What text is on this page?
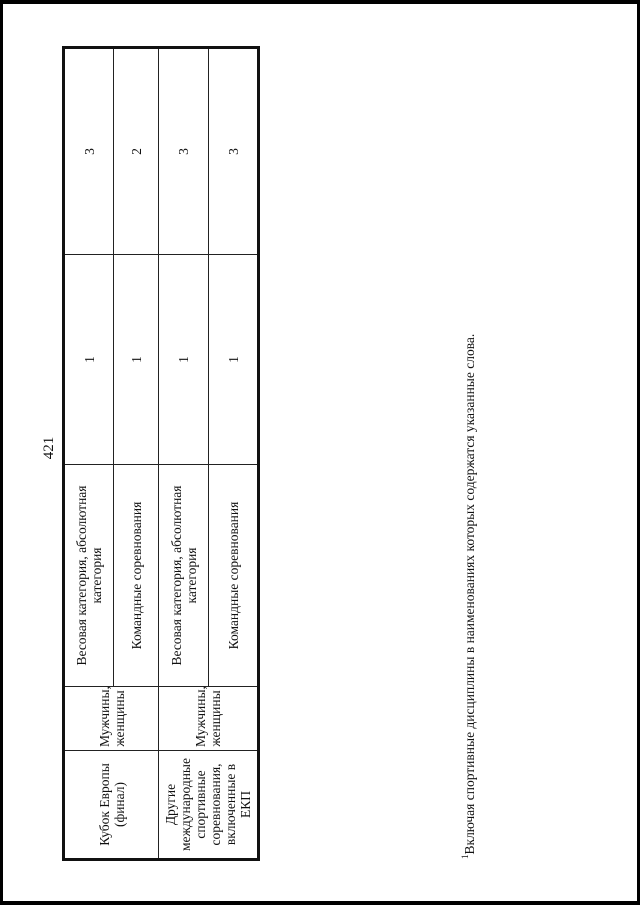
421
Кубок Европы (финал)	Мужчины, женщины	Весовая категория, абсолютная категория	1	3
		Командные соревнования	1	2
Другие международные спортивные соревнования, включенные в ЕКП	Мужчины, женщины	Весовая категория, абсолютная категория	1	3
		Командные соревнования	1	3
$^1$Включая спортивные дисциплины в наименованиях которых содержатся указанные слова.
